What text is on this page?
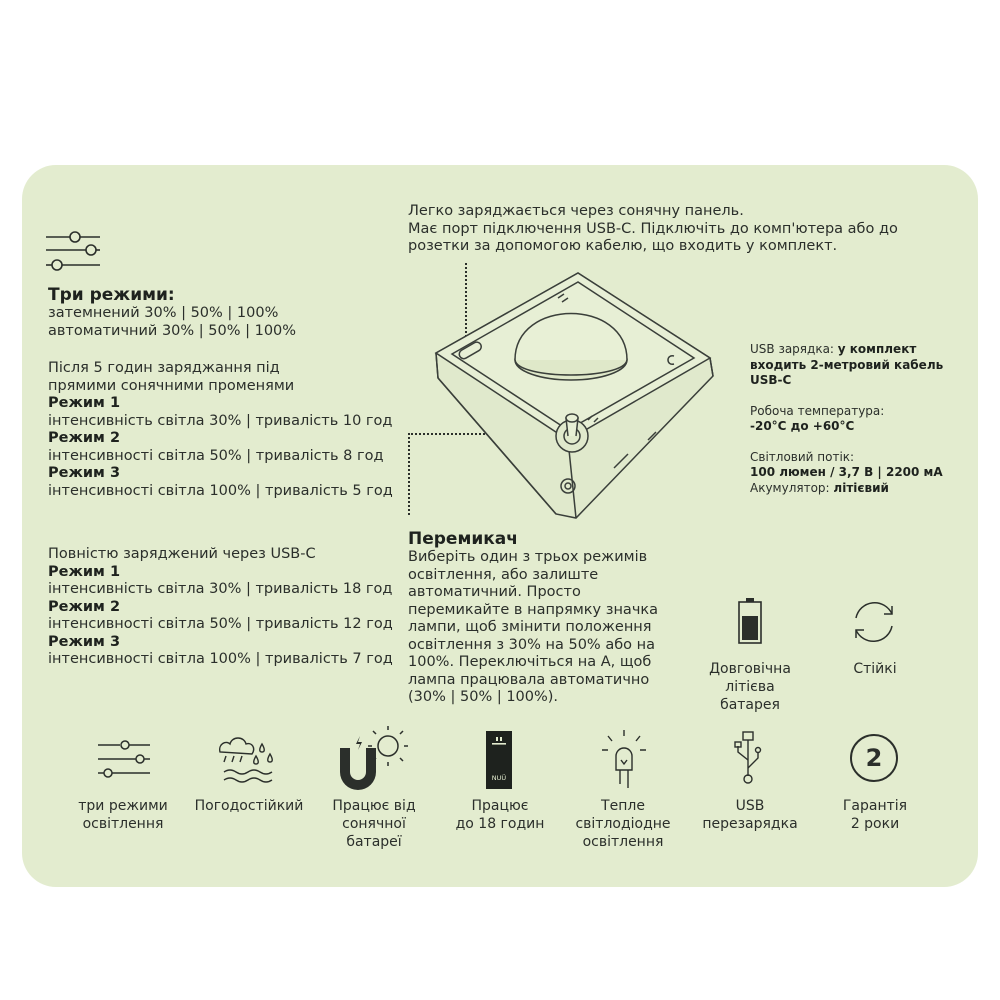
Легко заряджається через сонячну панель.
Має порт підключення USB-C. Підключіть до комп'ютера або до
розетки за допомогою кабелю, що входить у комплект.
Три режими:
затемнений 30% | 50% | 100%
автоматичний 30% | 50% | 100%
Після 5 годин заряджання під
прямими сонячними променями
Режим 1
інтенсивність світла 30% | тривалість 10 год
Режим 2
інтенсивності світла 50% | тривалість 8 год
Режим 3
інтенсивності світла 100% | тривалість 5 год
Повністю заряджений через USB-C
Режим 1
інтенсивність світла 30% | тривалість 18 год
Режим 2
інтенсивності світла 50% | тривалість 12 год
Режим 3
інтенсивності світла 100% | тривалість 7 год
Перемикач
Виберіть один з трьох режимів
освітлення, або залиште
автоматичний. Просто
перемикайте в напрямку значка
лампи, щоб змінити положення
освітлення з 30% на 50% або на
100%. Переключіться на А, щоб
лампа працювала автоматично
(30% | 50% | 100%).
USB зарядка: у комплект
входить 2-метровий кабель
USB-C
Робоча температура:
-20°C до +60°C
Світловий потік:
100 люмен / 3,7 В | 2200 мА
Акумулятор: літієвий
Довговічна
літієва
батарея
Стійкі
NUÜ
2
три режими
освітлення
Погодостійкий	Працює від
сонячної
батареї
Працює
до 18 годин
Тепле
світлодіодне
освітлення
USB
перезарядка
Гарантія
2 роки
